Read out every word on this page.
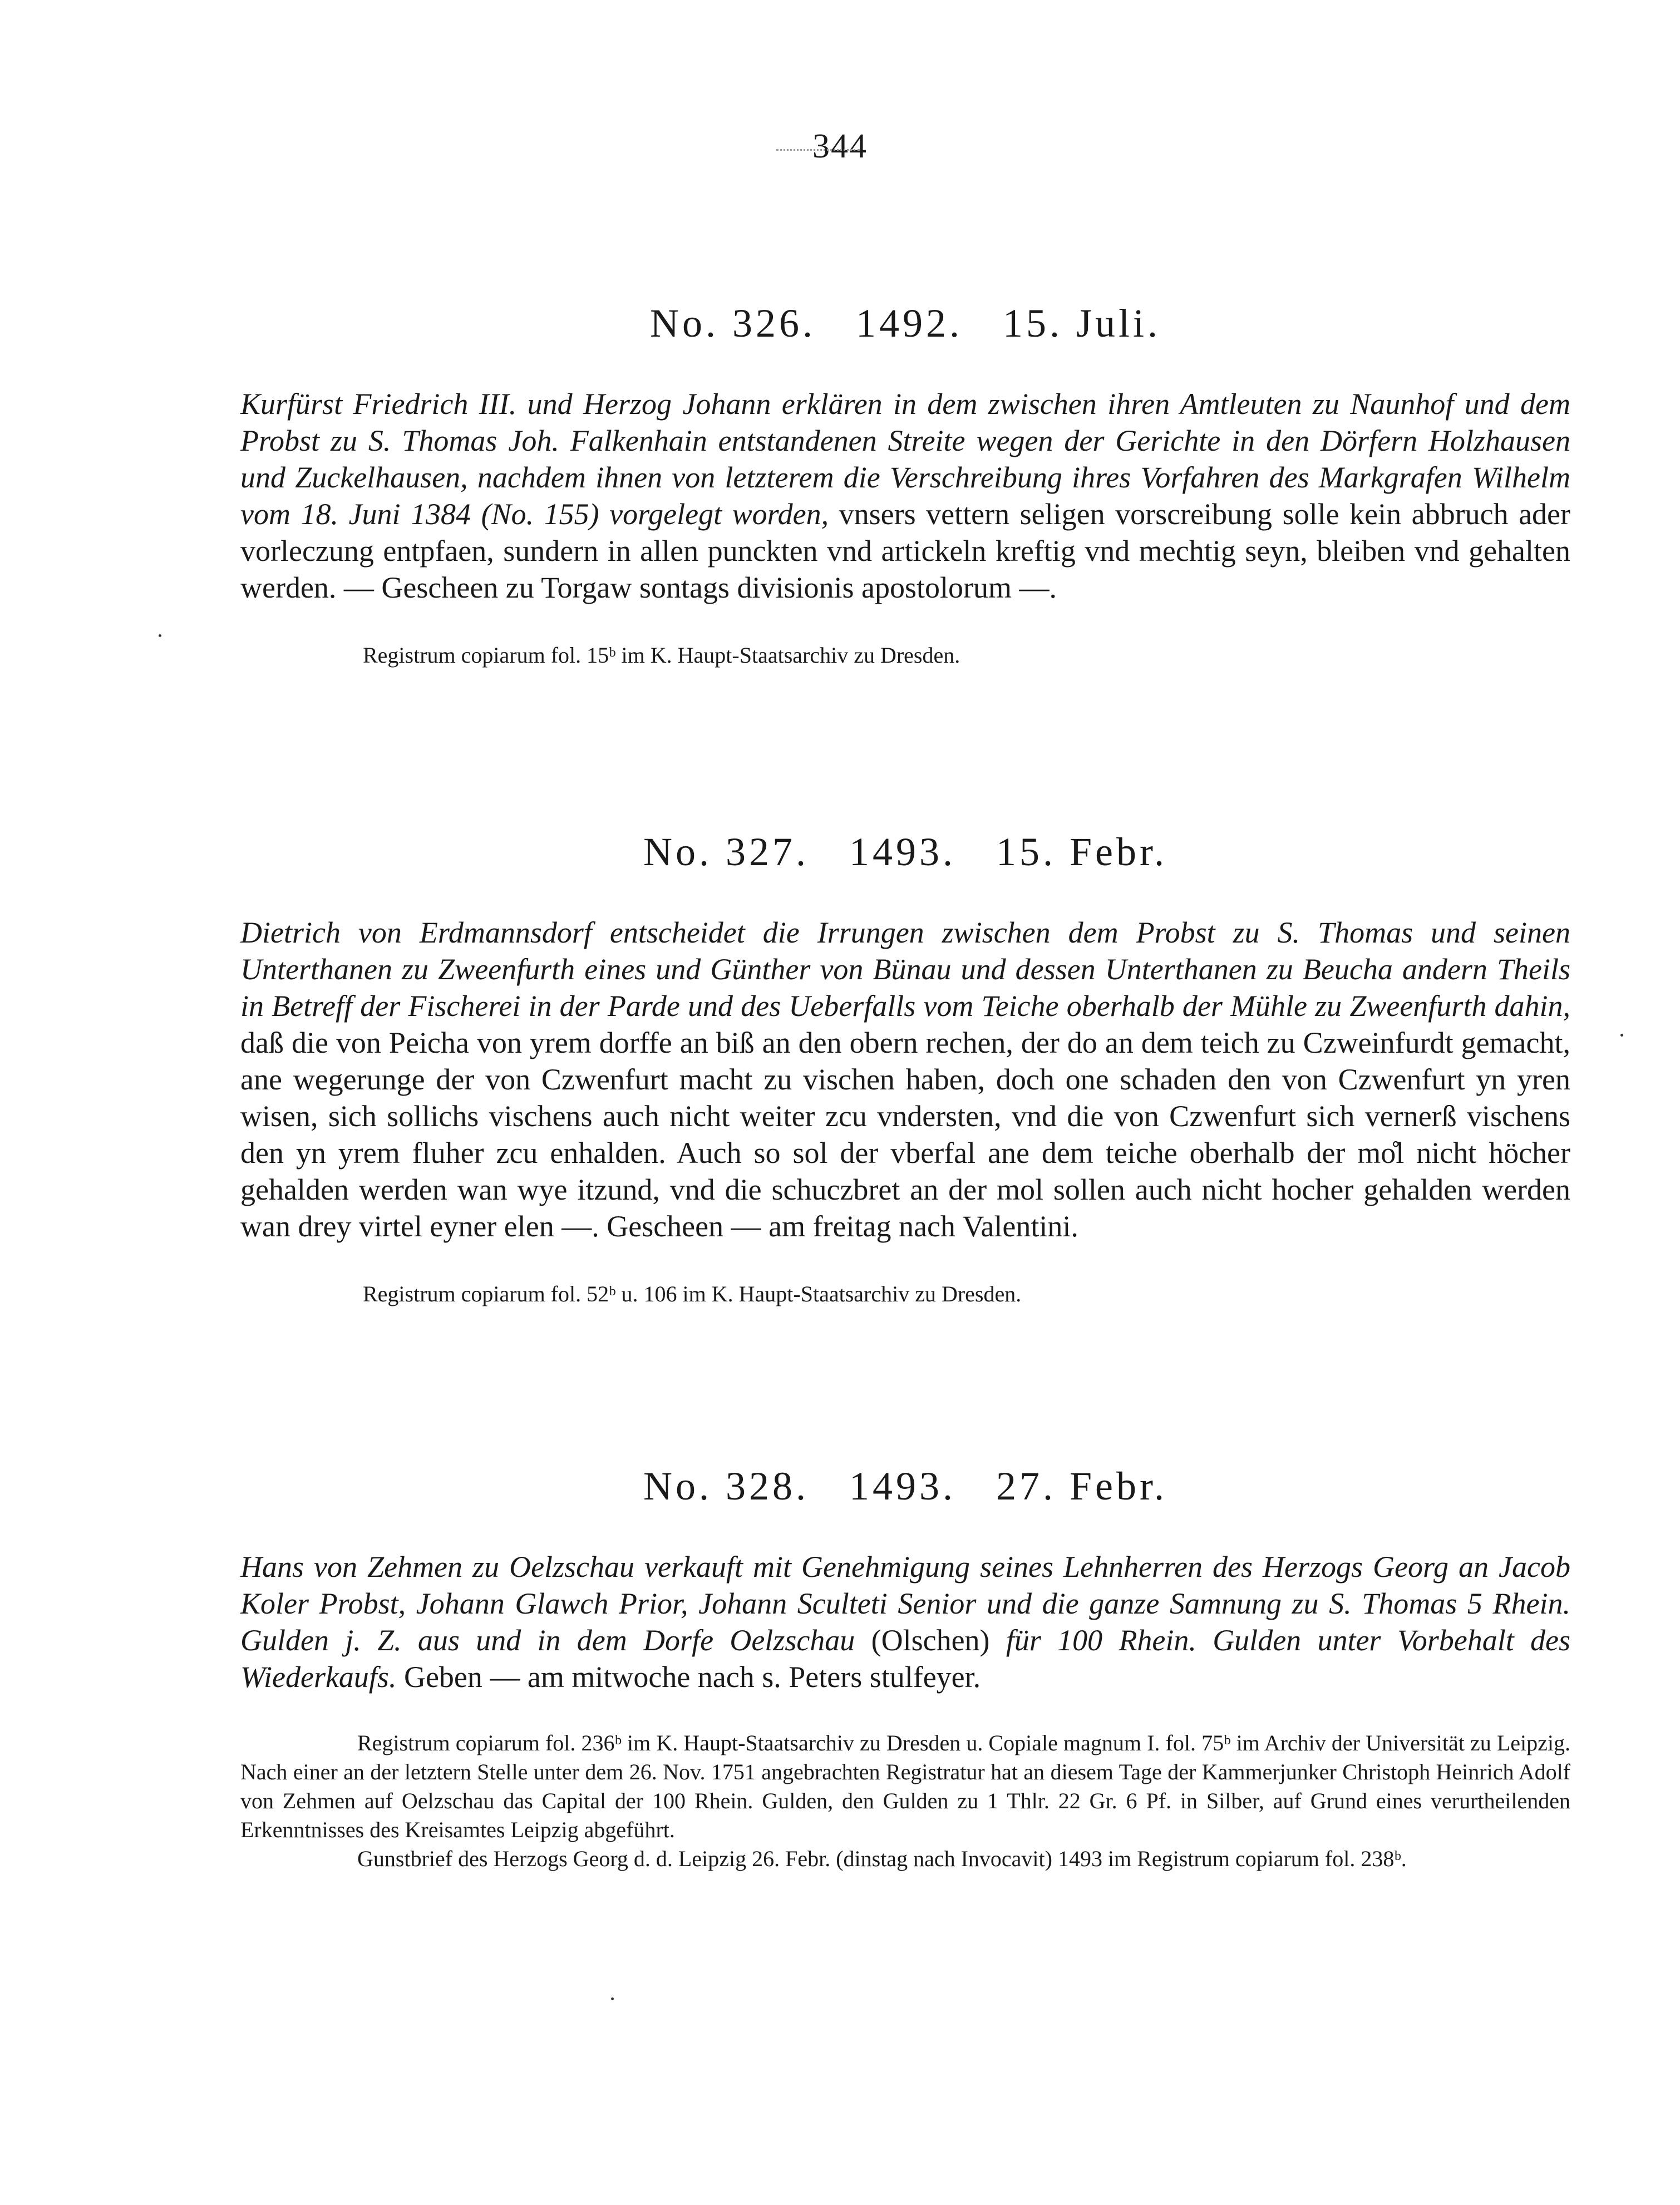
344
No. 326. 1492. 15. Juli.

Kurfürst Friedrich III. und Herzog Johann erklären in dem zwischen ihren Amtleuten zu Naunhof und dem Probst zu S. Thomas Joh. Falkenhain entstandenen Streite wegen der Gerichte in den Dörfern Holzhausen und Zuckelhausen, nachdem ihnen von letzterem die Verschreibung ihres Vorfahren des Markgrafen Wilhelm vom 18. Juni 1384 (No. 155) vorgelegt worden, vnsers vettern seligen vorscreibung solle kein abbruch ader vorleczung entpfaen, sundern in allen punckten vnd artickeln kreftig vnd mechtig seyn, bleiben vnd gehalten werden. — Gescheen zu Torgaw sontags divisionis apostolorum —.

Registrum copiarum fol. 15ᵇ im K. Haupt-Staatsarchiv zu Dresden.

No. 327. 1493. 15. Febr.

Dietrich von Erdmannsdorf entscheidet die Irrungen zwischen dem Probst zu S. Thomas und seinen Unterthanen zu Zweenfurth eines und Günther von Bünau und dessen Unterthanen zu Beucha andern Theils in Betreff der Fischerei in der Parde und des Ueberfalls vom Teiche oberhalb der Mühle zu Zweenfurth dahin, daß die von Peicha von yrem dorffe an biß an den obern rechen, der do an dem teich zu Czweinfurdt gemacht, ane wegerunge der von Czwenfurt macht zu vischen haben, doch one schaden den von Czwenfurt yn yren wisen, sich sollichs vischens auch nicht weiter zcu vndersten, vnd die von Czwenfurt sich vernerß vischens den yn yrem fluher zcu enhalden. Auch so sol der vberfal ane dem teiche oberhalb der mo̊l nicht höcher gehalden werden wan wye itzund, vnd die schuczbret an der mol sollen auch nicht hocher gehalden werden wan drey virtel eyner elen —. Gescheen — am freitag nach Valentini.

Registrum copiarum fol. 52ᵇ u. 106 im K. Haupt-Staatsarchiv zu Dresden.

No. 328. 1493. 27. Febr.

Hans von Zehmen zu Oelzschau verkauft mit Genehmigung seines Lehnherren des Herzogs Georg an Jacob Koler Probst, Johann Glawch Prior, Johann Sculteti Senior und die ganze Samnung zu S. Thomas 5 Rhein. Gulden j. Z. aus und in dem Dorfe Oelzschau (Olschen) für 100 Rhein. Gulden unter Vorbehalt des Wiederkaufs. Geben — am mitwoche nach s. Peters stulfeyer.

Registrum copiarum fol. 236ᵇ im K. Haupt-Staatsarchiv zu Dresden u. Copiale magnum I. fol. 75ᵇ im Archiv der Universität zu Leipzig. Nach einer an der letztern Stelle unter dem 26. Nov. 1751 angebrachten Registratur hat an diesem Tage der Kammerjunker Christoph Heinrich Adolf von Zehmen auf Oelzschau das Capital der 100 Rhein. Gulden, den Gulden zu 1 Thlr. 22 Gr. 6 Pf. in Silber, auf Grund eines verurtheilenden Erkenntnisses des Kreisamtes Leipzig abgeführt.

Gunstbrief des Herzogs Georg d. d. Leipzig 26. Febr. (dinstag nach Invocavit) 1493 im Registrum copiarum fol. 238ᵇ.
